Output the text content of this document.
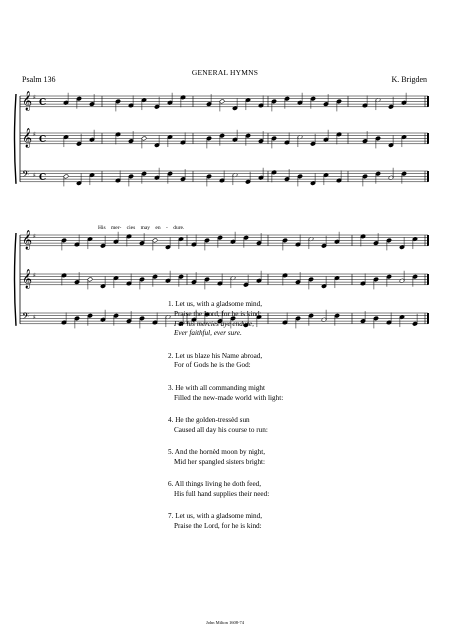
GENERAL HYMNS
Psalm 136	K. Brigden
𝄞 ♯
C
𝄞 ♯
C
𝄢 ♯ C
𝄞 ♯
𝄞 ♯
𝄢 ♯
His mer- cies may en - dure.
1. Let us, with a gladsome mind,
Praise the Lord, for he is kind:
For his mercies aye endure,
Ever faithful, ever sure.
2. Let us blaze his Name abroad,
For of Gods he is the God:
3. He with all commanding might
Filled the new-made world with light:
4. He the golden-tressèd sun
Caused all day his course to run:
5. And the hornèd moon by night,
Mid her spangled sisters bright:
6. All things living he doth feed,
His full hand supplies their need:
7. Let us, with a gladsome mind,
Praise the Lord, for he is kind:
John Milton 1608-74
